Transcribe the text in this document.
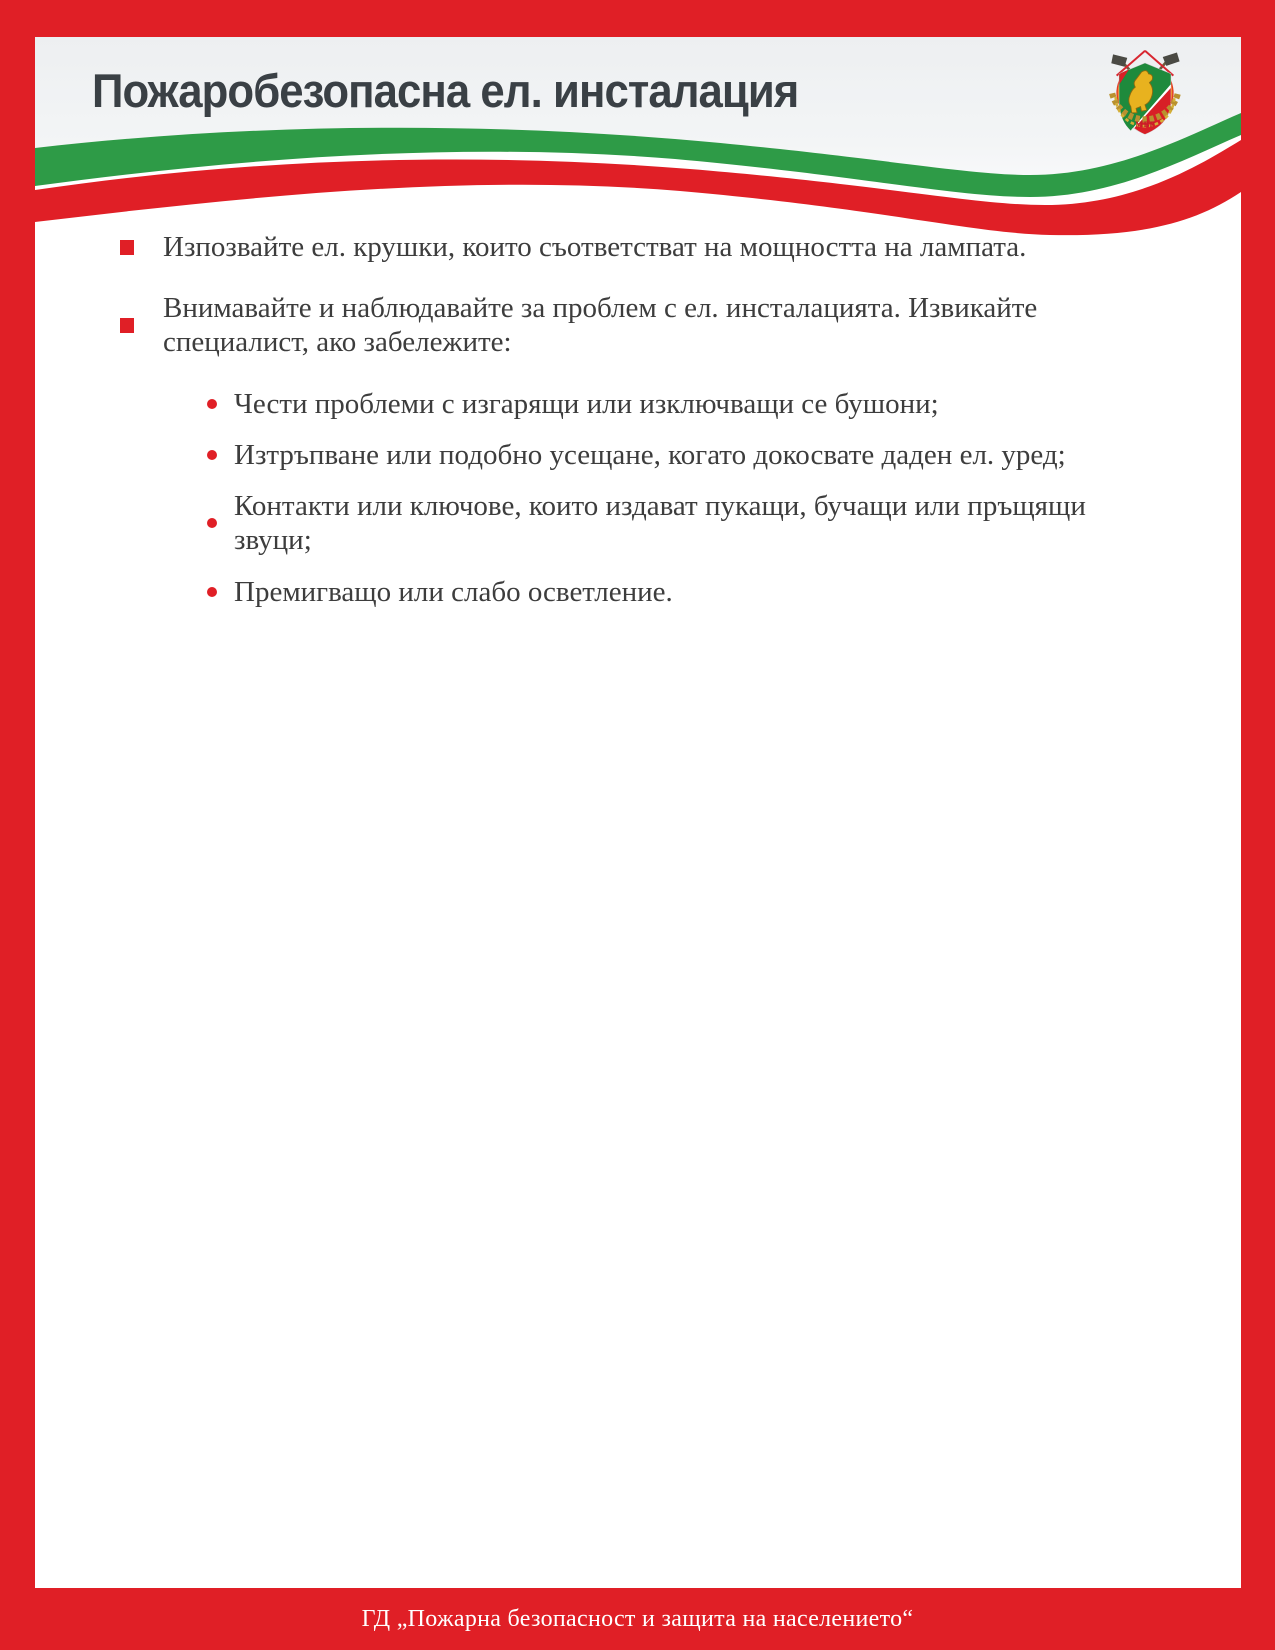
Пожаробезопасна ел. инсталация
МВР

Изпозвайте ел. крушки, които съответстват на мощността на лампата.

Внимавайте и наблюдавайте за проблем с ел. инсталацията. Извикайте специалист, ако забележите:

Чести проблеми с изгарящи или изключващи се бушони;

Изтръпване или подобно усещане, когато докосвате даден ел. уред;

Контакти или ключове, които издават пукащи, бучащи или пръщящи звуци;

Премигващо или слабо осветление.

ГД „Пожарна безопасност и защита на населението“
